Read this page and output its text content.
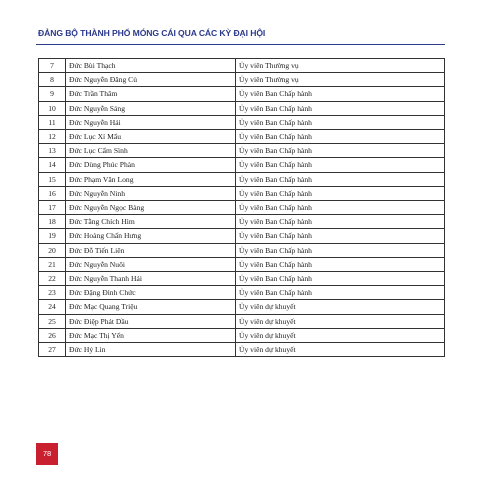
ĐẢNG BỘ THÀNH PHỐ MÓNG CÁI QUA CÁC KỲ ĐẠI HỘI
7	Đức Bùi Thạch	Ủy viên Thường vụ
8	Đức Nguyễn Đăng Củ	Ủy viên Thường vụ
9	Đức Trần Thâm	Ủy viên Ban Chấp hành
10	Đức Nguyễn Sáng	Ủy viên Ban Chấp hành
11	Đức Nguyễn Hải	Ủy viên Ban Chấp hành
12	Đức Lục Xí Mẩu	Ủy viên Ban Chấp hành
13	Đức Lục Cẩm Sình	Ủy viên Ban Chấp hành
14	Đức Dùng Phúc Phàn	Ủy viên Ban Chấp hành
15	Đức Phạm Văn Long	Ủy viên Ban Chấp hành
16	Đức Nguyễn Ninh	Ủy viên Ban Chấp hành
17	Đức Nguyễn Ngọc Bàng	Ủy viên Ban Chấp hành
18	Đức Tằng Chích Hìm	Ủy viên Ban Chấp hành
19	Đức Hoàng Chấn Hưng	Ủy viên Ban Chấp hành
20	Đức Đỗ Tiến Liên	Ủy viên Ban Chấp hành
21	Đức Nguyễn Nuôi	Ủy viên Ban Chấp hành
22	Đức Nguyễn Thanh Hải	Ủy viên Ban Chấp hành
23	Đức Đặng Đình Chức	Ủy viên Ban Chấp hành
24	Đức Mạc Quang Triệu	Ủy viên dự khuyết
25	Đức Điệp Phát Dầu	Ủy viên dự khuyết
26	Đức Mạc Thị Yến	Ủy viên dự khuyết
27	Đức Hỷ Lìn	Ủy viên dự khuyết
78
